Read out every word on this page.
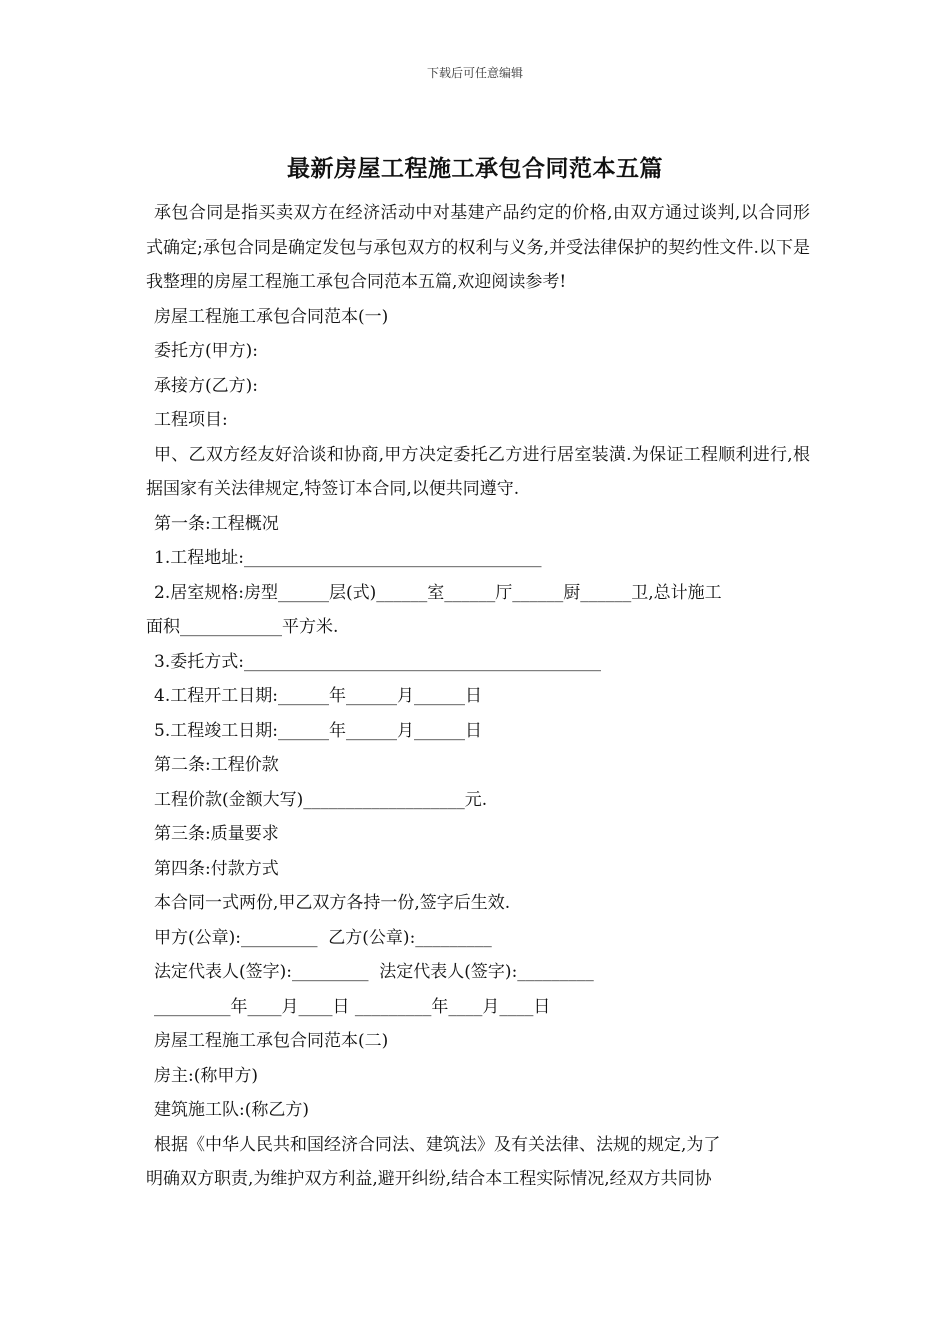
下载后可任意编辑
最新房屋工程施工承包合同范本五篇

承包合同是指买卖双方在经济活动中对基建产品约定的价格,由双方通过谈判,以合同形式确定;承包合同是确定发包与承包双方的权利与义务,并受法律保护的契约性文件.以下是我整理的房屋工程施工承包合同范本五篇,欢迎阅读参考!

房屋工程施工承包合同范本(一)

委托方(甲方):

承接方(乙方):

工程项目:

甲、乙双方经友好洽谈和协商,甲方决定委托乙方进行居室装潢.为保证工程顺利进行,根据国家有关法律规定,特签订本合同,以便共同遵守.

第一条:工程概况

1.工程地址:___________________________________

2.居室规格:房型______层(式)______室______厅______厨______卫,总计施工

面积____________平方米.

3.委托方式:__________________________________________

4.工程开工日期:______年______月______日

5.工程竣工日期:______年______月______日

第二条:工程价款

工程价款(金额大写)___________________元.

第三条:质量要求

第四条:付款方式

本合同一式两份,甲乙双方各持一份,签字后生效.

甲方(公章):_________  乙方(公章):_________

法定代表人(签字):_________  法定代表人(签字):_________

_________年____月____日 _________年____月____日

房屋工程施工承包合同范本(二)

房主:(称甲方)

建筑施工队:(称乙方)

根据《中华人民共和国经济合同法、建筑法》及有关法律、法规的规定,为了

明确双方职责,为维护双方利益,避开纠纷,结合本工程实际情况,经双方共同协
